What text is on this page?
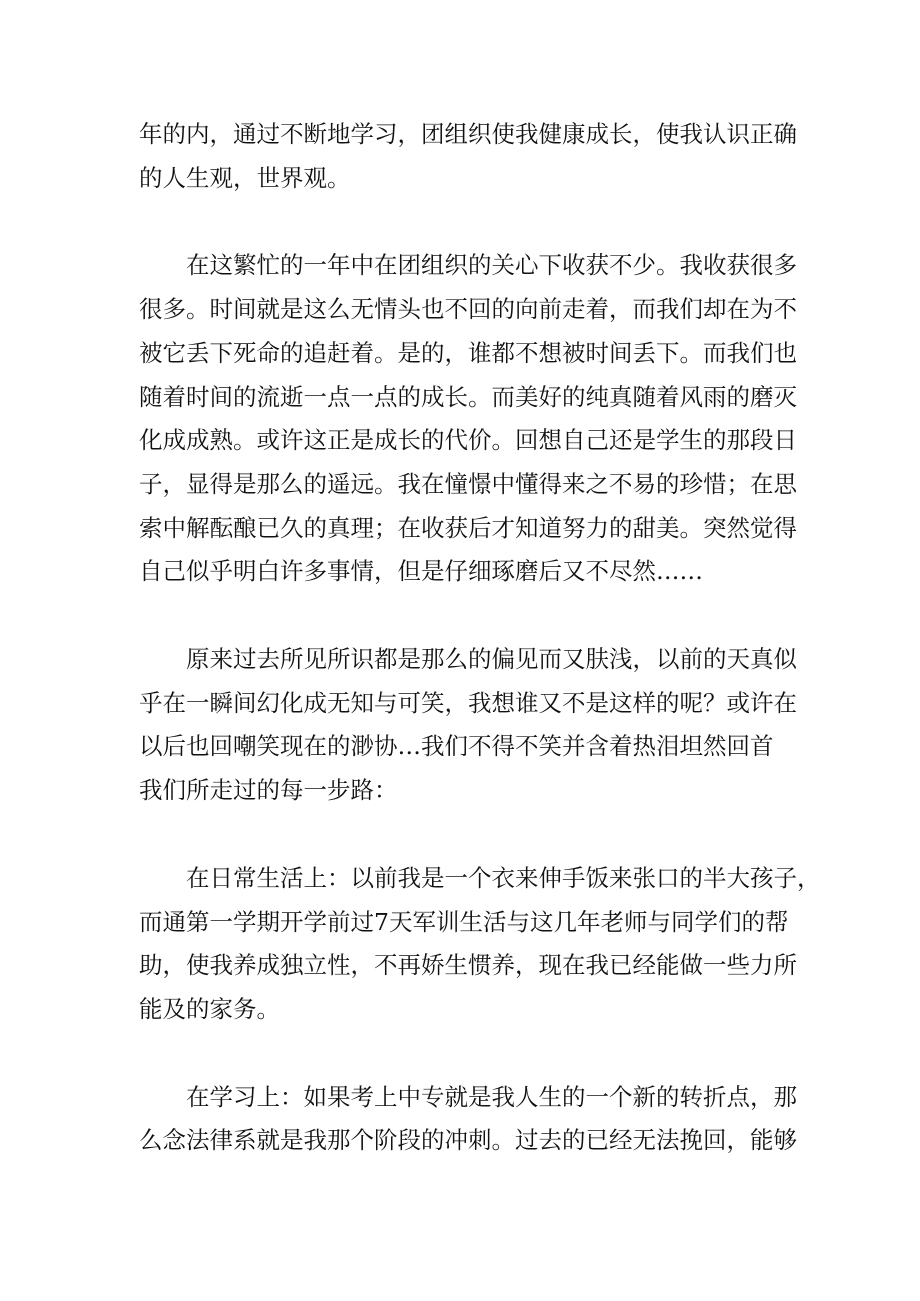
年的内，通过不断地学习，团组织使我健康成长，使我认识正确
的人生观，世界观。

在这繁忙的一年中在团组织的关心下收获不少。我收获很多
很多。时间就是这么无情头也不回的向前走着，而我们却在为不
被它丢下死命的追赶着。是的，谁都不想被时间丢下。而我们也
随着时间的流逝一点一点的成长。而美好的纯真随着风雨的磨灭
化成成熟。或许这正是成长的代价。回想自己还是学生的那段日
子，显得是那么的遥远。我在憧憬中懂得来之不易的珍惜；在思
索中解酝酿已久的真理；在收获后才知道努力的甜美。突然觉得
自己似乎明白许多事情，但是仔细琢磨后又不尽然……

原来过去所见所识都是那么的偏见而又肤浅，以前的天真似
乎在一瞬间幻化成无知与可笑，我想谁又不是这样的呢？或许在
以后也回嘲笑现在的渺协…我们不得不笑并含着热泪坦然回首
我们所走过的每一步路：

在日常生活上：以前我是一个衣来伸手饭来张口的半大孩子，
而通第一学期开学前过7天军训生活与这几年老师与同学们的帮
助，使我养成独立性，不再娇生惯养，现在我已经能做一些力所
能及的家务。

在学习上：如果考上中专就是我人生的一个新的转折点，那
么念法律系就是我那个阶段的冲刺。过去的已经无法挽回，能够
